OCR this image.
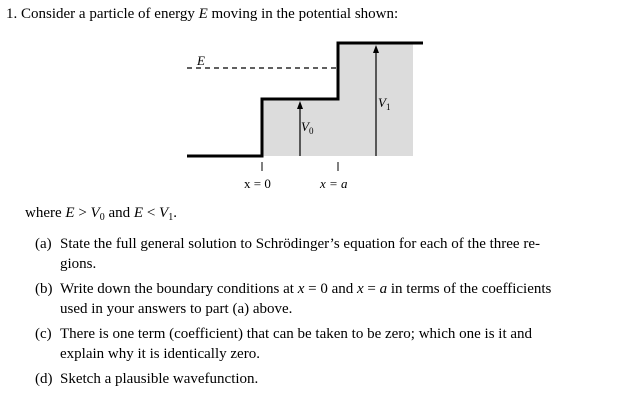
1. Consider a particle of energy E moving in the potential shown:
E
$V_0$
$V_1$
x = 0	x = a
where $E > V_0$ and $E < V_1$.
(a) State the full general solution to Schrödinger’s equation for each of the three re-
gions.
(b) Write down the boundary conditions at x = 0 and x = a in terms of the coefficients
used in your answers to part (a) above.
(c) There is one term (coefficient) that can be taken to be zero; which one is it and
explain why it is identically zero.
(d) Sketch a plausible wavefunction.
